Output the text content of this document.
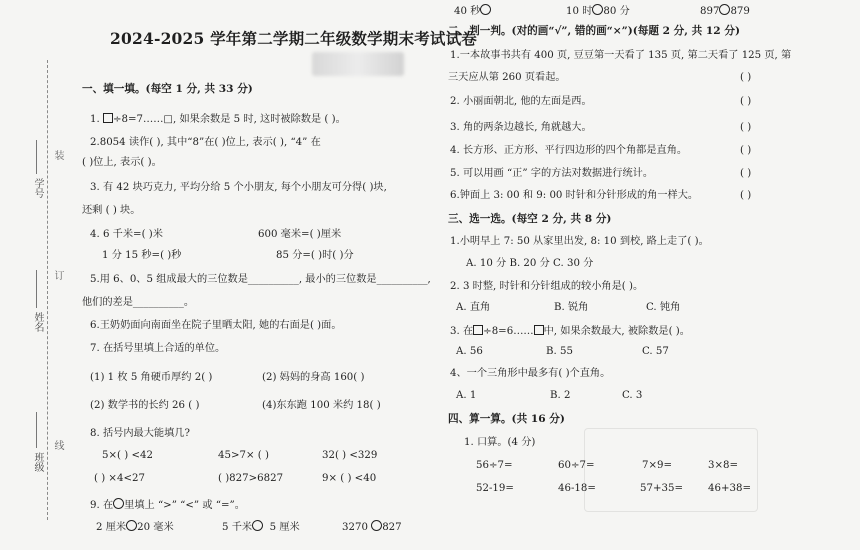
学号
姓名
班级
装
订
线
2024-2025 学年第二学期二年级数学期末考试试卷
一、填一填。(每空 1 分, 共 33 分)
1. ÷8=7……□, 如果余数是 5 时, 这时被除数是 ( )。
2.8054 读作( ), 其中“8”在( )位上, 表示( ), “4” 在
( )位上, 表示( )。
3. 有 42 块巧克力, 平均分给 5 个小朋友, 每个小朋友可分得( )块,
还剩 ( ) 块。
4. 6 千米=( )米	600 毫米=( )厘米
1 分 15 秒=( )秒	85 分=( )时( )分
5.用 6、0、5 组成最大的三位数是__________, 最小的三位数是__________,
他们的差是__________。
6.王奶奶面向南面坐在院子里晒太阳, 她的右面是( )面。
7. 在括号里填上合适的单位。
(1) 1 枚 5 角硬币厚约 2( )	(2) 妈妈的身高 160( )
(2) 数学书的长约 26 ( )	(4)东东跑 100 米约 18( )
8. 括号内最大能填几?
5×( ) <42	45>7× ( )	32( ) <329
( ) ×4<27	( )827>6827	9× ( ) <40
9. 在 里填上 “>” “<” 或 “=”。
2 厘米 20 毫米	5 千米 5 厘米	3270 827
40 秒	10 时 80 分	897 879
二、判一判。(对的画“√”, 错的画“×”)(每题 2 分, 共 12 分)
1.一本故事书共有 400 页, 豆豆第一天看了 135 页, 第二天看了 125 页, 第
三天应从第 260 页看起。	( )
2. 小丽面朝北, 他的左面是西。	( )
3. 角的两条边越长, 角就越大。	( )
4. 长方形、正方形、平行四边形的四个角都是直角。	( )
5. 可以用画 “正” 字的方法对数据进行统计。	( )
6.钟面上 3: 00 和 9: 00 时针和分针形成的角一样大。	( )
三、选一选。(每空 2 分, 共 8 分)
1.小明早上 7: 50 从家里出发, 8: 10 到校, 路上走了( )。
A. 10 分 B. 20 分 C. 30 分
2. 3 时整, 时针和分针组成的较小角是( )。
A. 直角	B. 锐角	C. 钝角
3. 在 ÷8=6…… 中, 如果余数最大, 被除数是( )。
A. 56	B. 55	C. 57
4、一个三角形中最多有( )个直角。
A. 1	B. 2	C. 3
四、算一算。(共 16 分)
1. 口算。(4 分)
56÷7=	60÷7=	7×9=	3×8=
52-19=	46-18=	57+35= 46+38=
